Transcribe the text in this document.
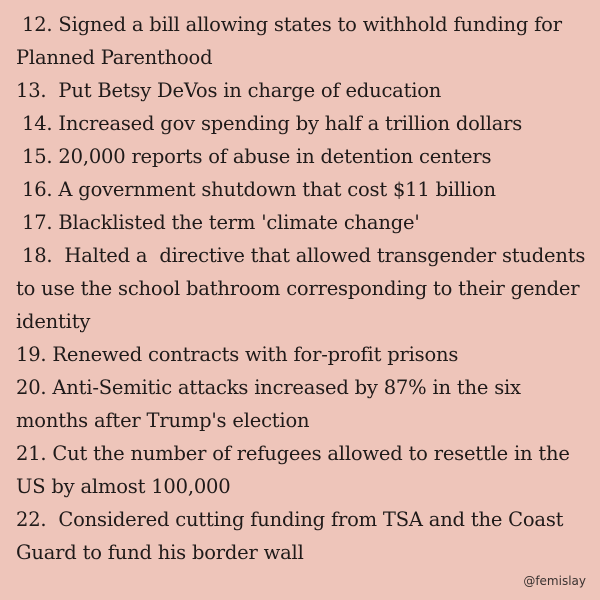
12. Signed a bill allowing states to withhold funding for Planned Parenthood
13.  Put Betsy DeVos in charge of education
14. Increased gov spending by half a trillion dollars
15. 20,000 reports of abuse in detention centers
16. A government shutdown that cost $11 billion
17. Blacklisted the term 'climate change'
18.  Halted a  directive that allowed transgender students to use the school bathroom corresponding to their gender identity
19. Renewed contracts with for-profit prisons
20. Anti-Semitic attacks increased by 87% in the six months after Trump's election
21. Cut the number of refugees allowed to resettle in the US by almost 100,000
22.  Considered cutting funding from TSA and the Coast Guard to fund his border wall
@femislay
